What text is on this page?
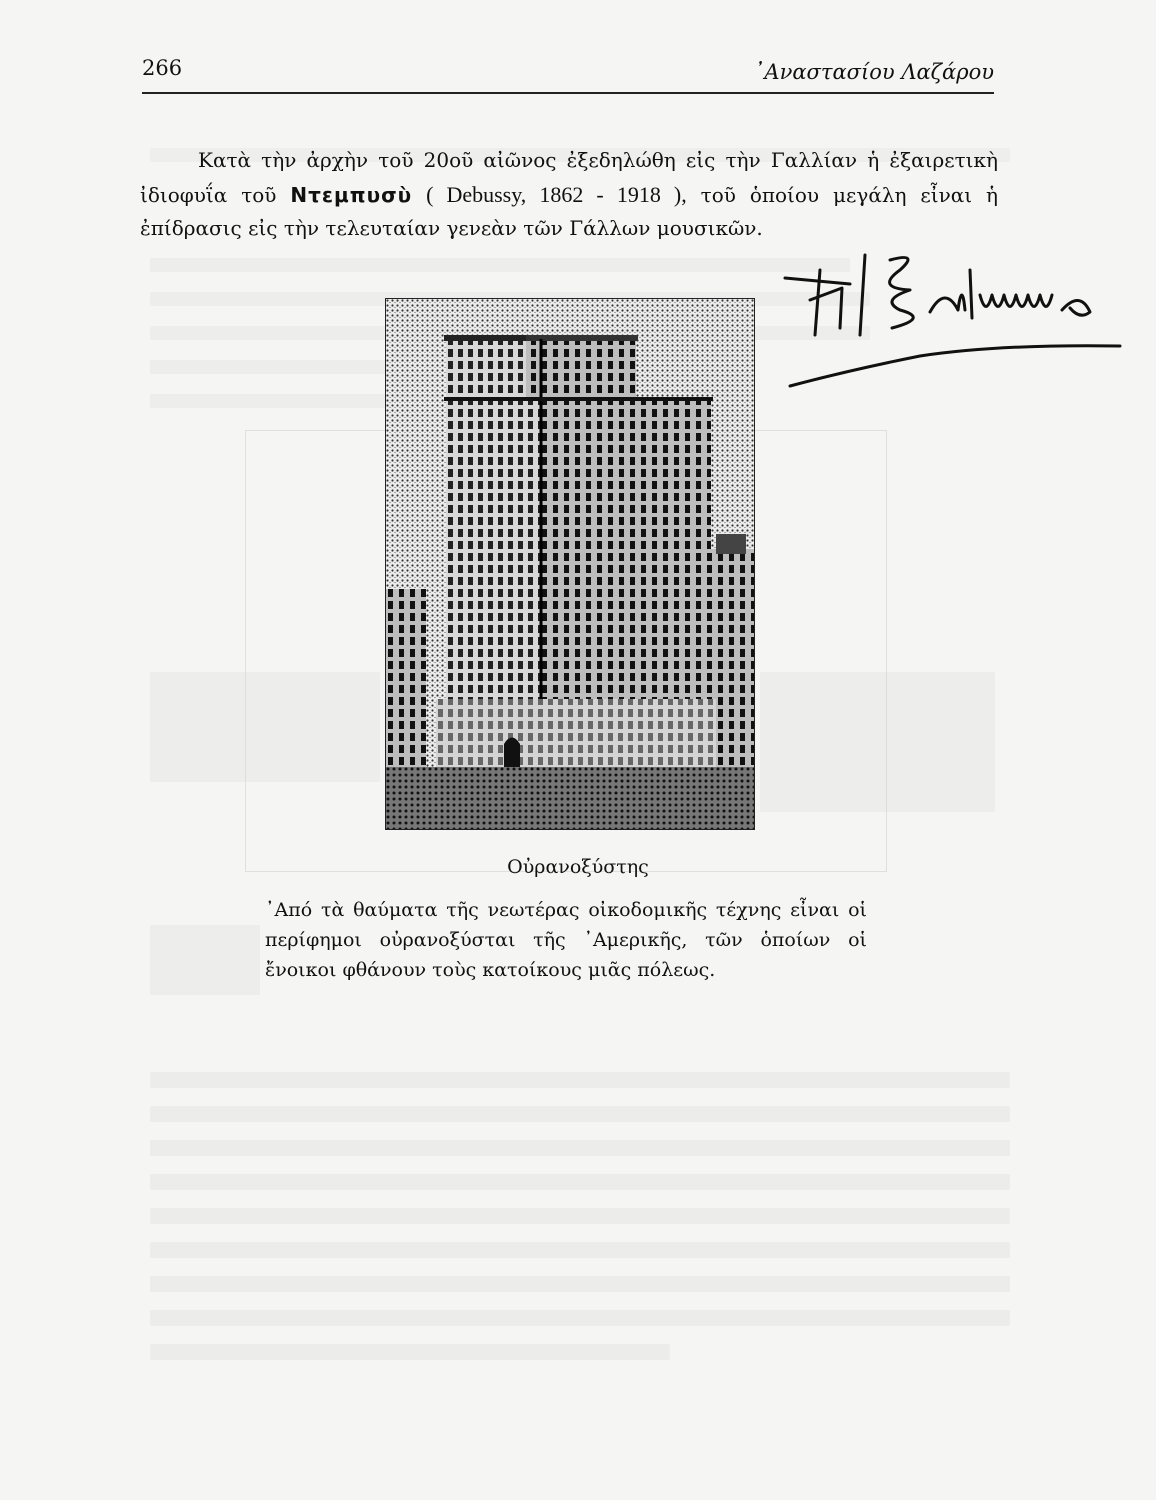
266	᾿Αναστασίου Λαζάρου

Κατὰ τὴν ἀρχὴν τοῦ 20οῦ αἰῶνος ἐξεδηλώθη εἰς τὴν Γαλλίαν ἡ ἐξαιρετικὴ ἰδιοφυΐα τοῦ Ντεμπυσὺ ( Debussy, 1862 - 1918 ), τοῦ ὁποίου μεγάλη εἶναι ἡ ἐπίδρασις εἰς τὴν τελευταίαν γενεὰν τῶν Γάλλων μουσικῶν.

Οὐρανοξύστης
᾿Από τὰ θαύματα τῆς νεωτέρας οἰκοδομικῆς τέχνης εἶναι οἱ περίφημοι οὐρανοξύσται τῆς ᾿Αμερικῆς, τῶν ὁποίων οἱ ἔνοικοι φθάνουν τοὺς κατοίκους μιᾶς πόλεως.
